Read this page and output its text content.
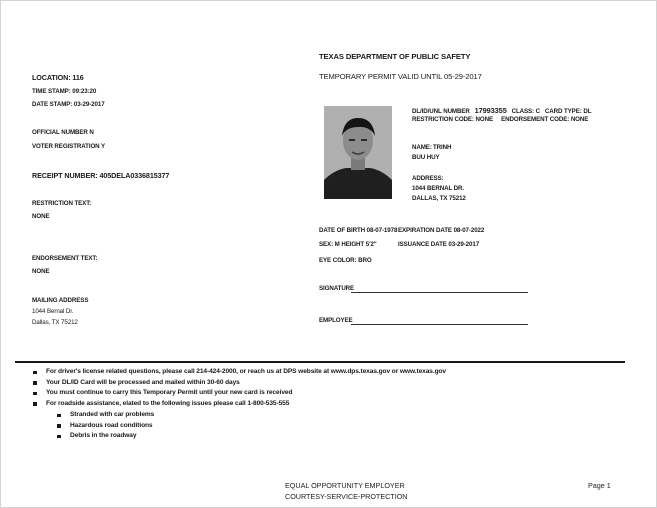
TEXAS DEPARTMENT OF PUBLIC SAFETY
TEMPORARY PERMIT VALID UNTIL 05-29-2017
LOCATION: 116
TIME STAMP: 09:23:20
DATE STAMP: 03-29-2017
OFFICIAL NUMBER N
VOTER REGISTRATION Y
RECEIPT NUMBER: 405DELA0336815377
RESTRICTION TEXT:
NONE
ENDORSEMENT TEXT:
NONE
MAILING ADDRESS
1044 Bernal Dr.
Dallas, TX 75212
DL/ID/UNL NUMBER 17993355 CLASS: C CARD TYPE: DL
RESTRICTION CODE: NONE ENDORSEMENT CODE: NONE
NAME: TRINH
BUU HUY
ADDRESS:
1044 BERNAL DR.
DALLAS, TX 75212
DATE OF BIRTH 08-07-1978 EXPIRATION DATE 08-07-2022
SEX: M HEIGHT 5'2"	ISSUANCE DATE 03-29-2017
EYE COLOR: BRO
SIGNATURE
EMPLOYEE
For driver's license related questions, please call 214-424-2000, or reach us at DPS website at www.dps.texas.gov or www.texas.gov
Your DL/ID Card will be processed and mailed within 30-60 days
You must continue to carry this Temporary Permit until your new card is received
For roadside assistance, elated to the following issues please call 1-800-535-555
Stranded with car problems
Hazardous road conditions
Debris in the roadway
EQUAL OPPORTUNITY EMPLOYER
COURTESY-SERVICE-PROTECTION
Page 1
